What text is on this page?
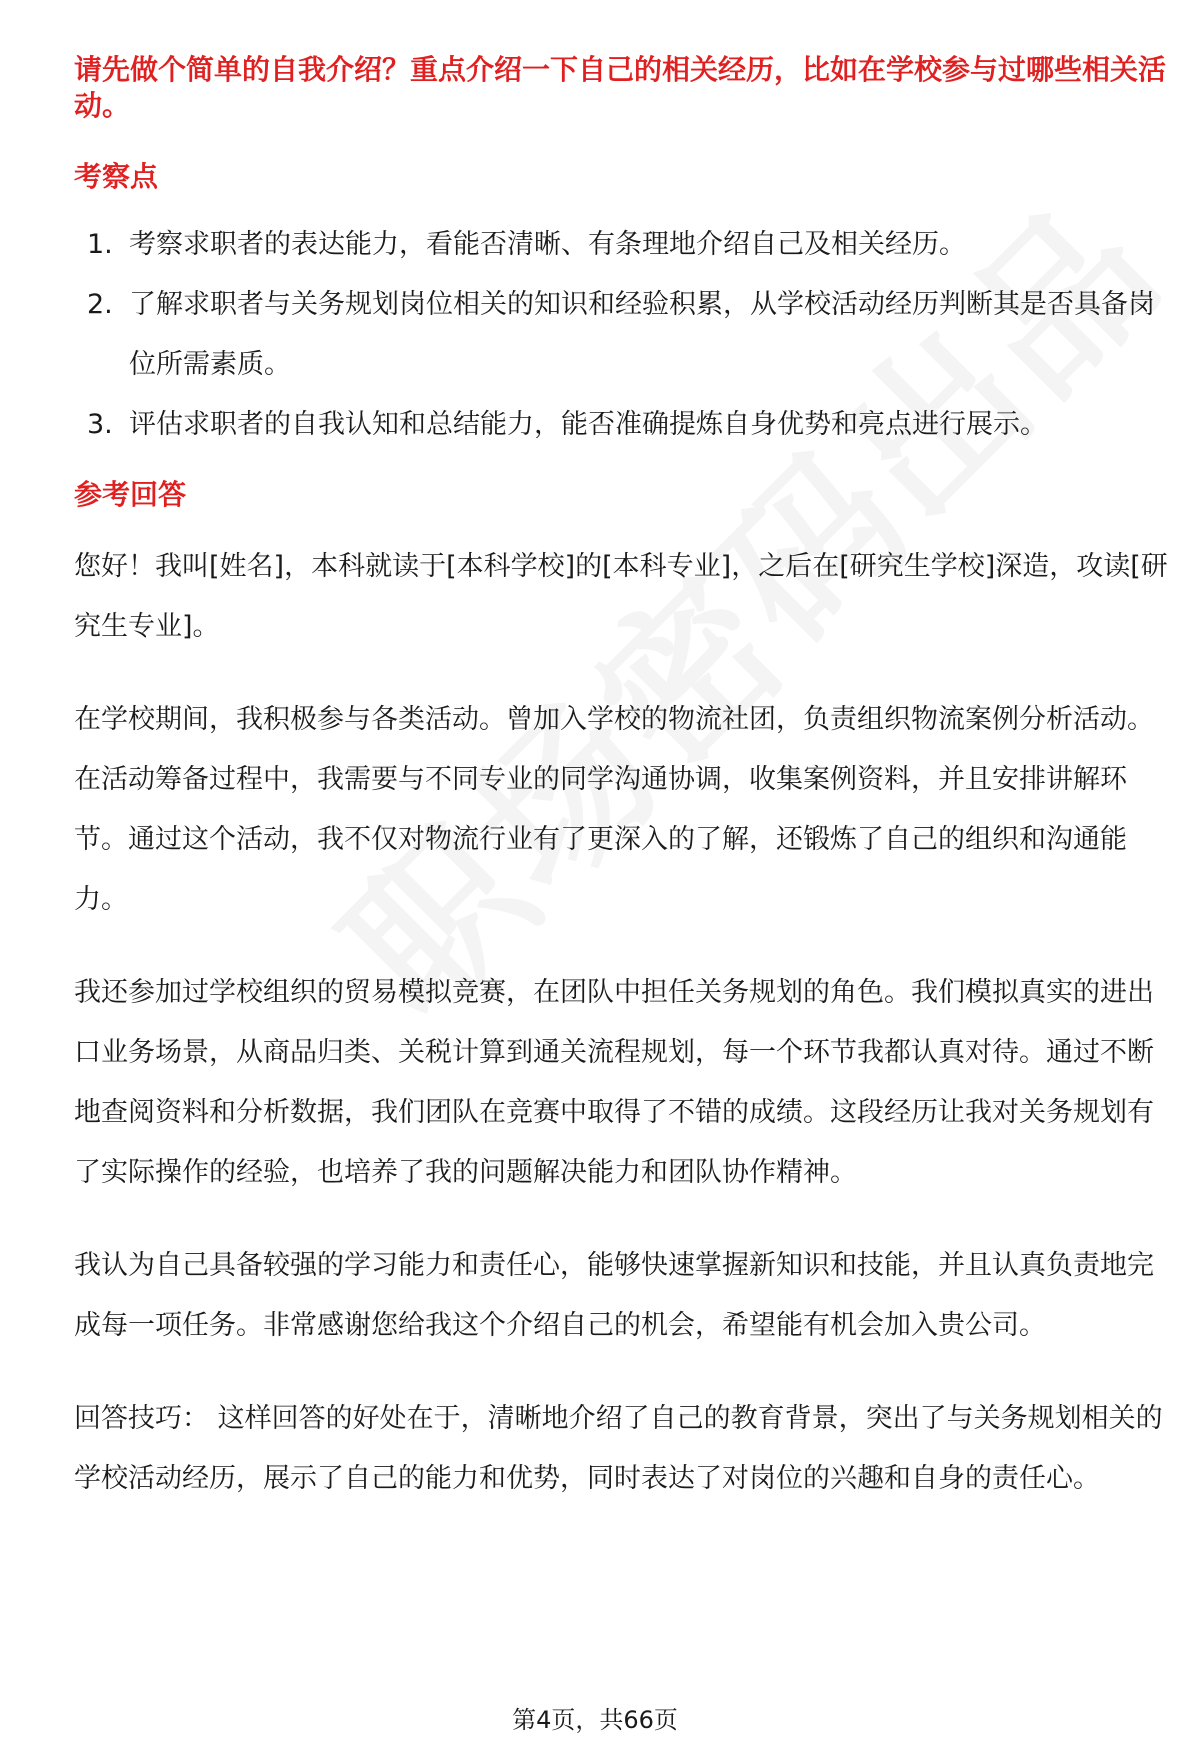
请先做个简单的自我介绍？重点介绍一下自己的相关经历，比如在学校参与过哪些相关活动。

考察点
1. 考察求职者的表达能力，看能否清晰、有条理地介绍自己及相关经历。
2. 了解求职者与关务规划岗位相关的知识和经验积累，从学校活动经历判断其是否具备岗位所需素质。
3. 评估求职者的自我认知和总结能力，能否准确提炼自身优势和亮点进行展示。
参考回答

您好！我叫[姓名]，本科就读于[本科学校]的[本科专业]，之后在[研究生学校]深造，攻读[研究生专业]。

在学校期间，我积极参与各类活动。曾加入学校的物流社团，负责组织物流案例分析活动。在活动筹备过程中，我需要与不同专业的同学沟通协调，收集案例资料，并且安排讲解环节。通过这个活动，我不仅对物流行业有了更深入的了解，还锻炼了自己的组织和沟通能力。

我还参加过学校组织的贸易模拟竞赛，在团队中担任关务规划的角色。我们模拟真实的进出口业务场景，从商品归类、关税计算到通关流程规划，每一个环节我都认真对待。通过不断地查阅资料和分析数据，我们团队在竞赛中取得了不错的成绩。这段经历让我对关务规划有了实际操作的经验，也培养了我的问题解决能力和团队协作精神。

我认为自己具备较强的学习能力和责任心，能够快速掌握新知识和技能，并且认真负责地完成每一项任务。非常感谢您给我这个介绍自己的机会，希望能有机会加入贵公司。

回答技巧： 这样回答的好处在于，清晰地介绍了自己的教育背景，突出了与关务规划相关的学校活动经历，展示了自己的能力和优势，同时表达了对岗位的兴趣和自身的责任心。

第4页，共66页
